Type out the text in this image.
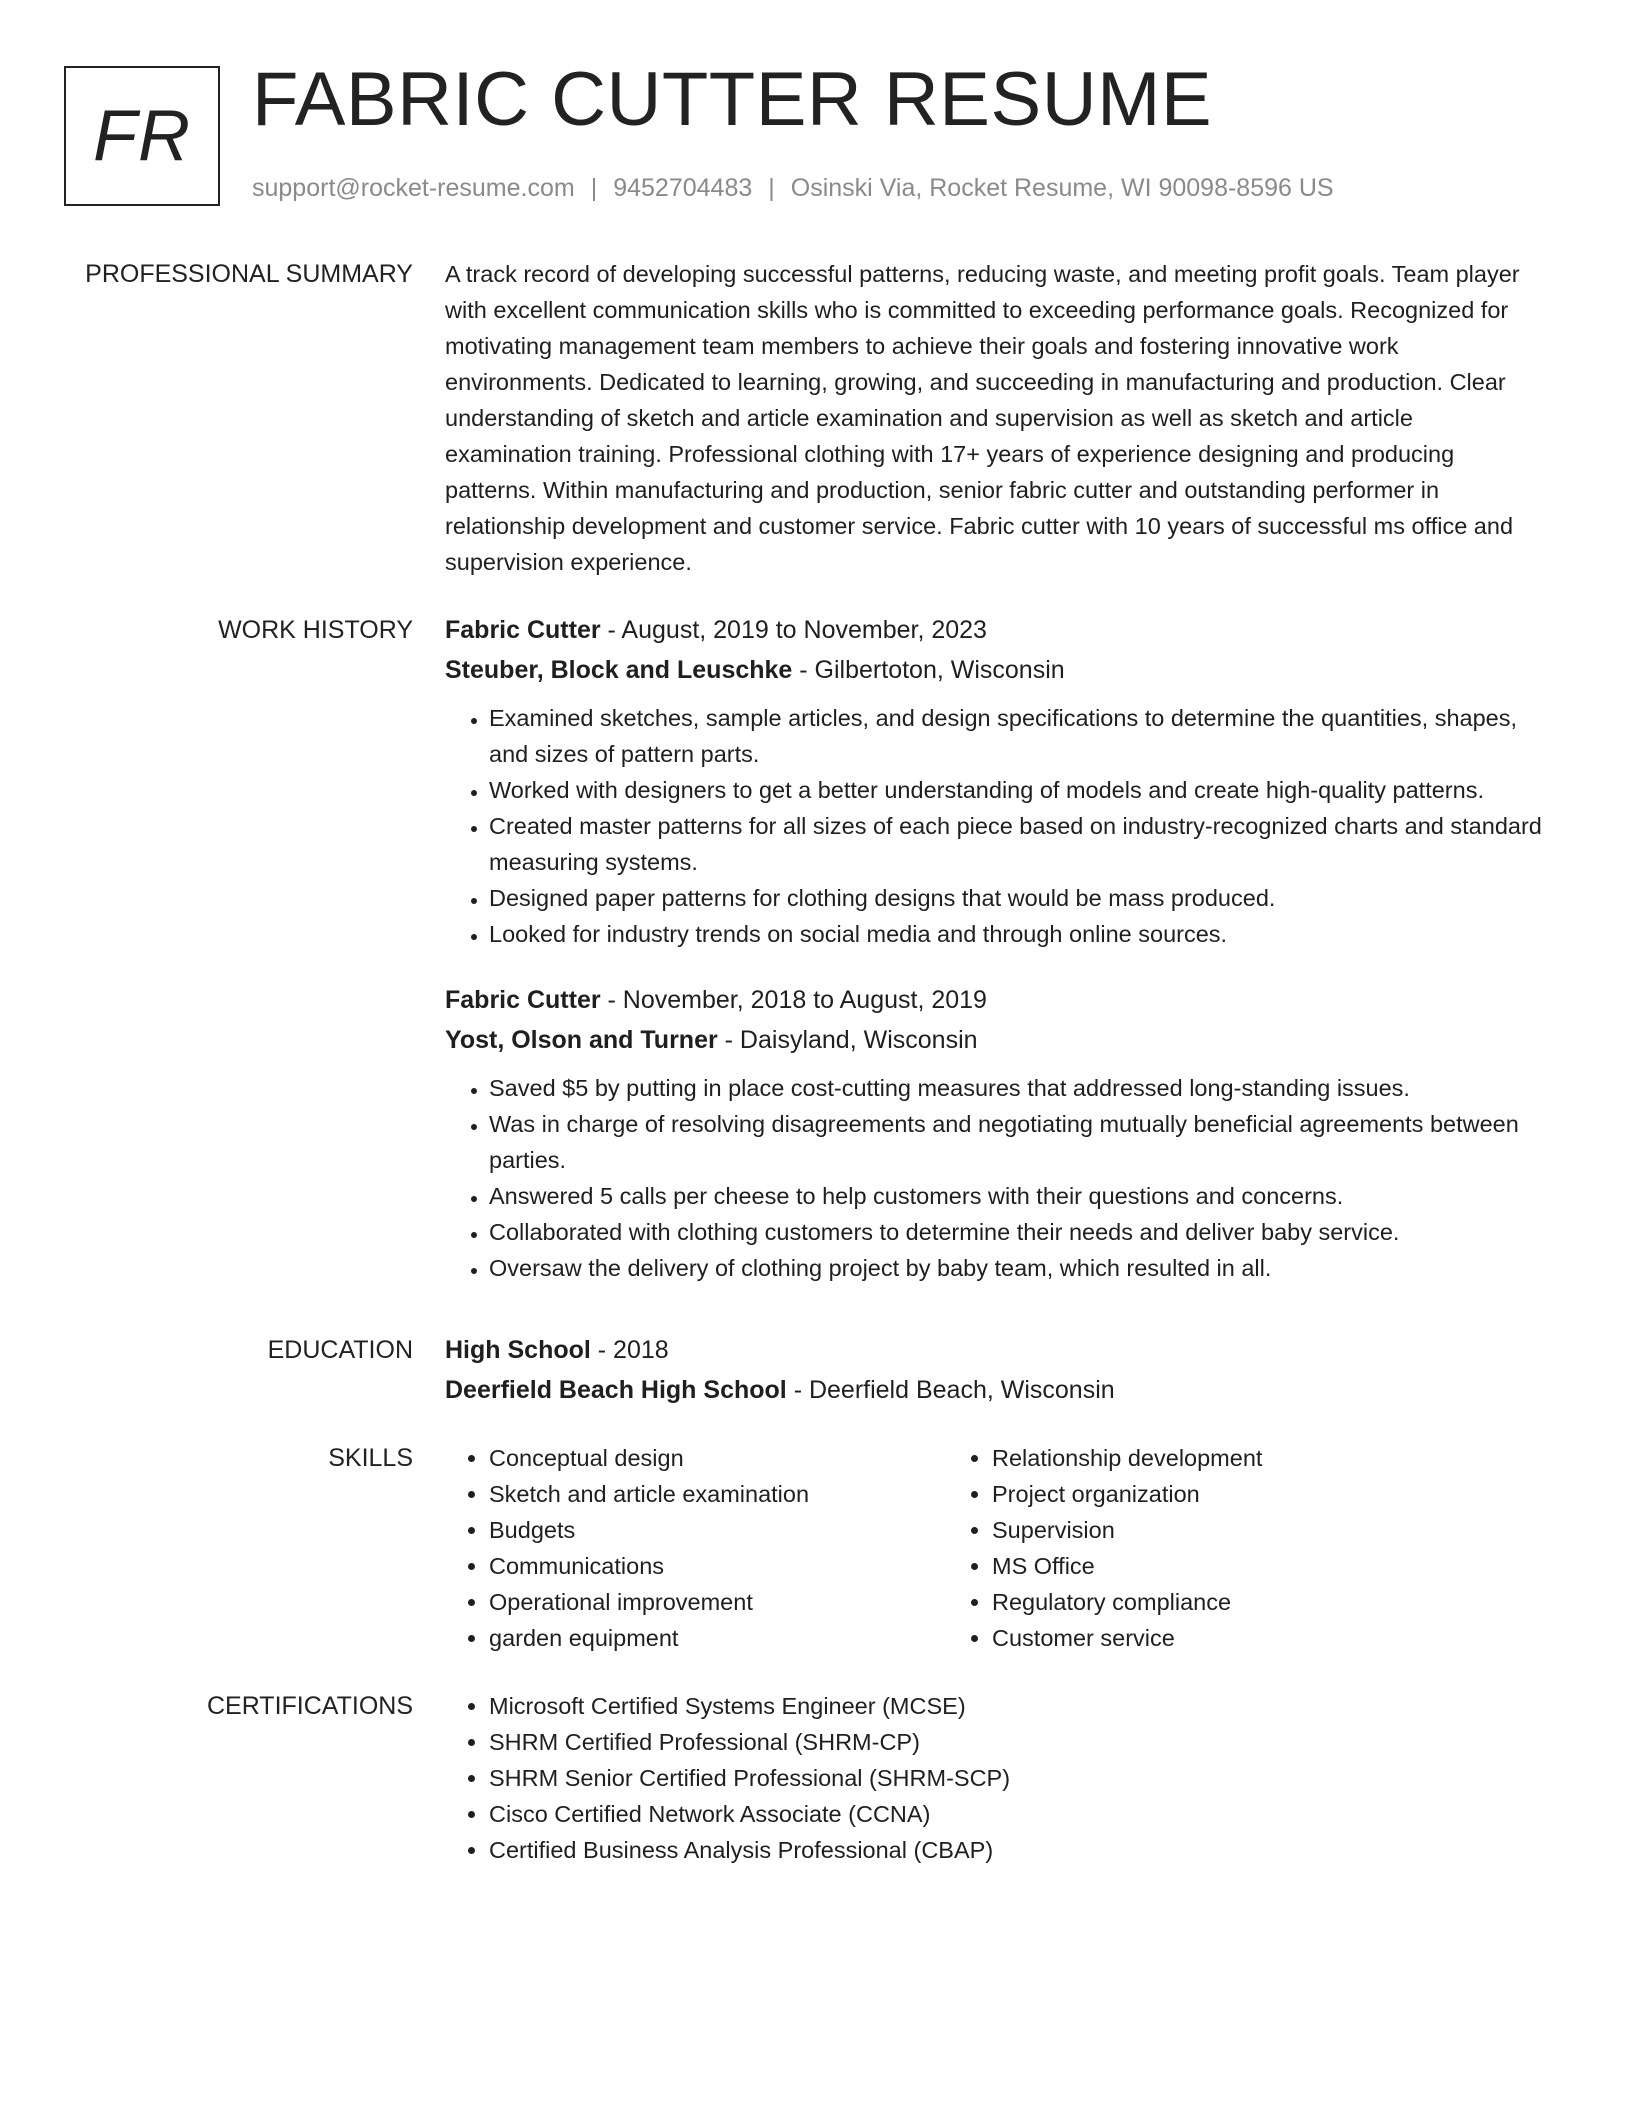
FR FABRIC CUTTER RESUME
support@rocket-resume.com | 9452704483 | Osinski Via, Rocket Resume, WI 90098-8596 US
PROFESSIONAL SUMMARY A track record of developing successful patterns, reducing waste, and meeting profit goals. Team player with excellent communication skills who is committed to exceeding performance goals. Recognized for motivating management team members to achieve their goals and fostering innovative work environments. Dedicated to learning, growing, and succeeding in manufacturing and production. Clear understanding of sketch and article examination and supervision as well as sketch and article examination training. Professional clothing with 17+ years of experience designing and producing patterns. Within manufacturing and production, senior fabric cutter and outstanding performer in relationship development and customer service. Fabric cutter with 10 years of successful ms office and supervision experience.

WORK HISTORY Fabric Cutter - August, 2019 to November, 2023
Steuber, Block and Leuschke - Gilbertoton, Wisconsin
• Examined sketches, sample articles, and design specifications to determine the quantities, shapes, and sizes of pattern parts.
• Worked with designers to get a better understanding of models and create high-quality patterns.
• Created master patterns for all sizes of each piece based on industry-recognized charts and standard measuring systems.
• Designed paper patterns for clothing designs that would be mass produced.
• Looked for industry trends on social media and through online sources.
Fabric Cutter - November, 2018 to August, 2019
Yost, Olson and Turner - Daisyland, Wisconsin
• Saved $5 by putting in place cost-cutting measures that addressed long-standing issues.
• Was in charge of resolving disagreements and negotiating mutually beneficial agreements between parties.
• Answered 5 calls per cheese to help customers with their questions and concerns.
• Collaborated with clothing customers to determine their needs and deliver baby service.
• Oversaw the delivery of clothing project by baby team, which resulted in all.
EDUCATION High School - 2018
Deerfield Beach High School - Deerfield Beach, Wisconsin
SKILLS	• Conceptual design
• Sketch and article examination
• Budgets
• Communications
• Operational improvement
• garden equipment
• Relationship development
• Project organization
• Supervision
• MS Office
• Regulatory compliance
• Customer service
CERTIFICATIONS	• Microsoft Certified Systems Engineer (MCSE)
• SHRM Certified Professional (SHRM-CP)
• SHRM Senior Certified Professional (SHRM-SCP)
• Cisco Certified Network Associate (CCNA)
• Certified Business Analysis Professional (CBAP)
